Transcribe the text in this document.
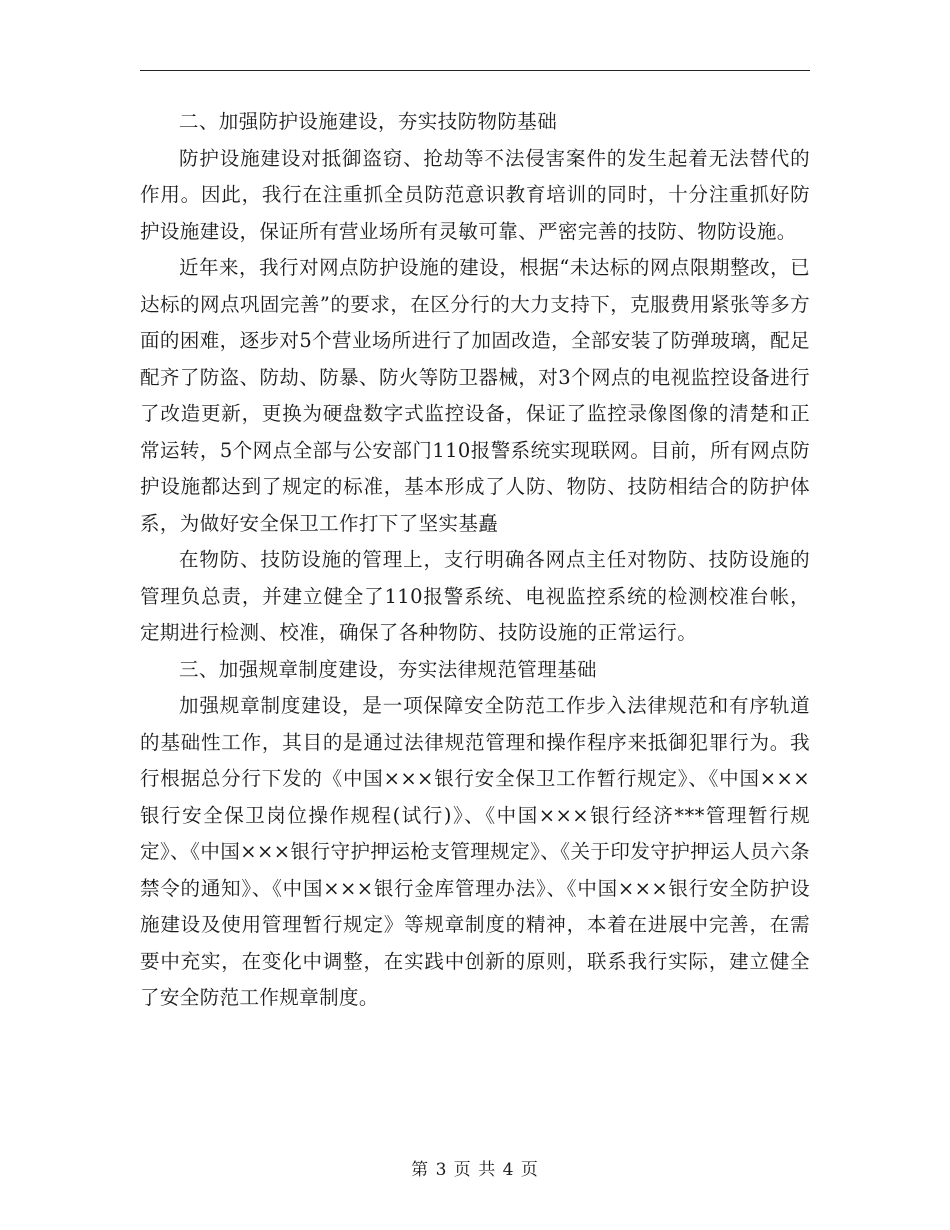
二、加强防护设施建设，夯实技防物防基础

防护设施建设对抵御盗窃、抢劫等不法侵害案件的发生起着无法替代的作用。因此，我行在注重抓全员防范意识教育培训的同时，十分注重抓好防护设施建设，保证所有营业场所有灵敏可靠、严密完善的技防、物防设施。

近年来，我行对网点防护设施的建设，根据“未达标的网点限期整改，已达标的网点巩固完善”的要求，在区分行的大力支持下，克服费用紧张等多方面的困难，逐步对5个营业场所进行了加固改造，全部安装了防弹玻璃，配足配齐了防盗、防劫、防暴、防火等防卫器械，对3个网点的电视监控设备进行了改造更新，更换为硬盘数字式监控设备，保证了监控录像图像的清楚和正常运转，5个网点全部与公安部门110报警系统实现联网。目前，所有网点防护设施都达到了规定的标准，基本形成了人防、物防、技防相结合的防护体系，为做好安全保卫工作打下了坚实基矗

在物防、技防设施的管理上，支行明确各网点主任对物防、技防设施的管理负总责，并建立健全了110报警系统、电视监控系统的检测校准台帐，定期进行检测、校准，确保了各种物防、技防设施的正常运行。

三、加强规章制度建设，夯实法律规范管理基础

加强规章制度建设，是一项保障安全防范工作步入法律规范和有序轨道的基础性工作，其目的是通过法律规范管理和操作程序来抵御犯罪行为。我行根据总分行下发的《中国×××银行安全保卫工作暂行规定》、《中国×××银行安全保卫岗位操作规程(试行)》、《中国×××银行经济***管理暂行规定》、《中国×××银行守护押运枪支管理规定》、《关于印发守护押运人员六条禁令的通知》、《中国×××银行金库管理办法》、《中国×××银行安全防护设施建设及使用管理暂行规定》等规章制度的精神，本着在进展中完善，在需要中充实，在变化中调整，在实践中创新的原则，联系我行实际，建立健全了安全防范工作规章制度。

第 3 页 共 4 页
